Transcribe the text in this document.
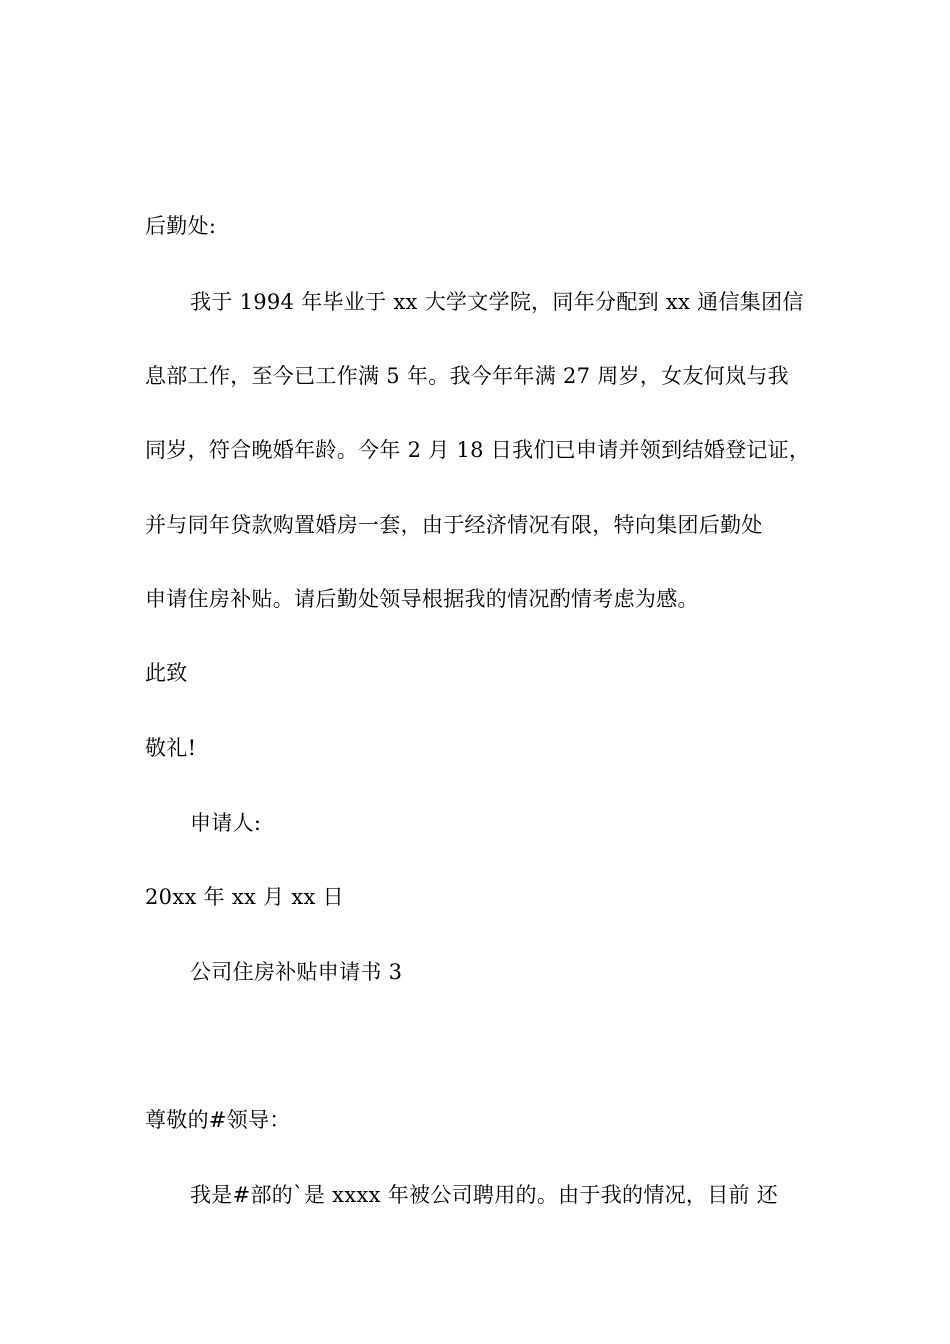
后勤处:
我于 1994 年毕业于 xx 大学文学院，同年分配到 xx 通信集团信
息部工作，至今已工作满 5 年。我今年年满 27 周岁，女友何岚与我
同岁，符合晚婚年龄。今年 2 月 18 日我们已申请并领到结婚登记证，
并与同年贷款购置婚房一套，由于经济情况有限，特向集团后勤处
申请住房补贴。请后勤处领导根据我的情况酌情考虑为感。
此致
敬礼!
申请人:
20xx 年 xx 月 xx 日
公司住房补贴申请书 3
尊敬的#领导：
我是#部的`是 xxxx 年被公司聘用的。由于我的情况，目前 还
